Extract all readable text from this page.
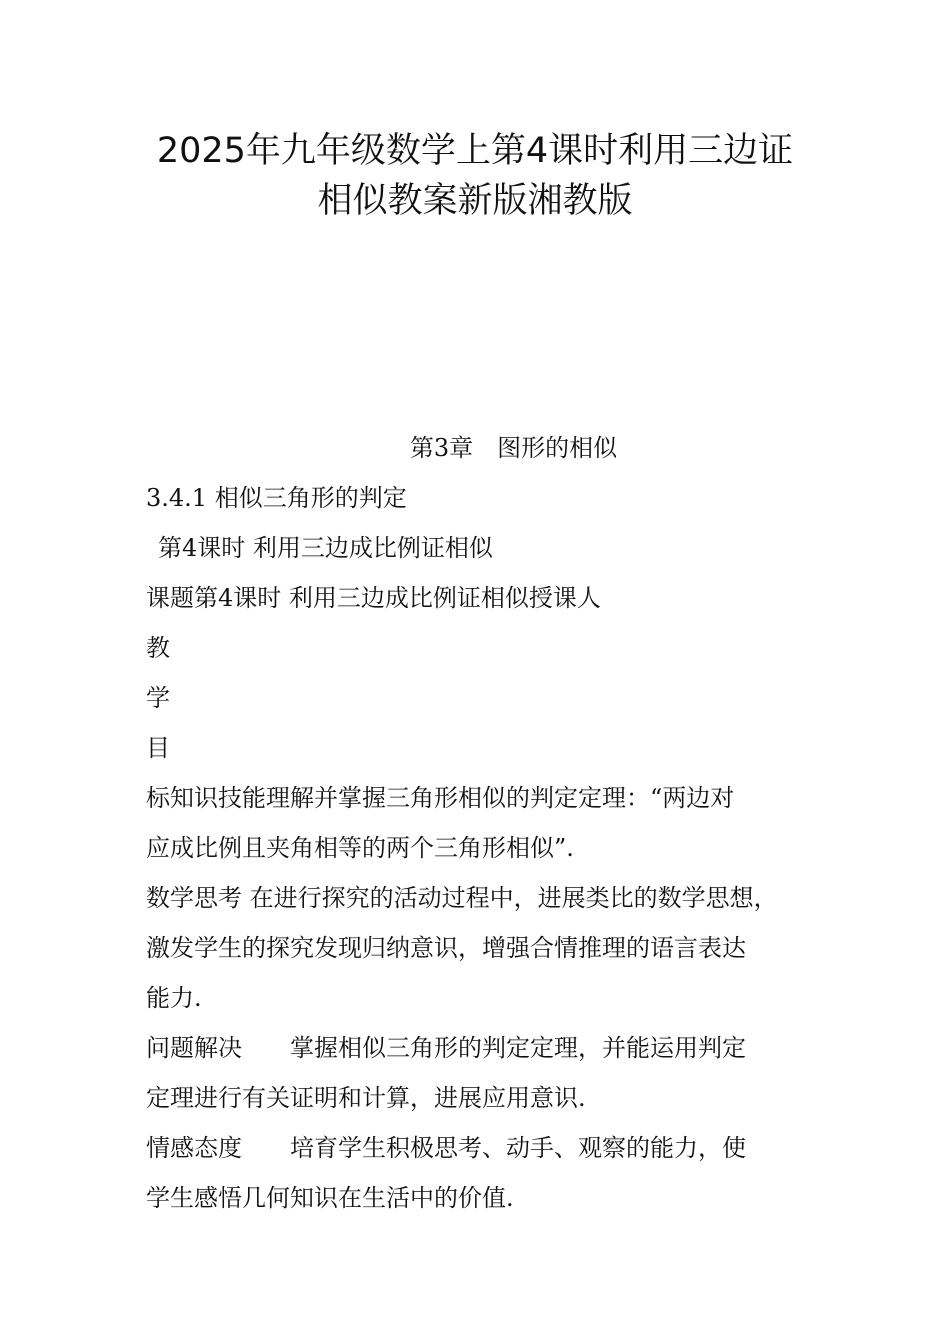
2025年九年级数学上第4课时利用三边证
相似教案新版湘教版
第3章　图形的相似
3.4.1 相似三角形的判定
第4课时 利用三边成比例证相似
课题第4课时 利用三边成比例证相似授课人
教
学
目
标知识技能理解并掌握三角形相似的判定定理：“两边对
应成比例且夹角相等的两个三角形相似”.
数学思考 在进行探究的活动过程中，进展类比的数学思想，
激发学生的探究发现归纳意识，增强合情推理的语言表达
能力.
问题解决　　掌握相似三角形的判定定理，并能运用判定
定理进行有关证明和计算，进展应用意识.
情感态度　　培育学生积极思考、动手、观察的能力，使
学生感悟几何知识在生活中的价值.
